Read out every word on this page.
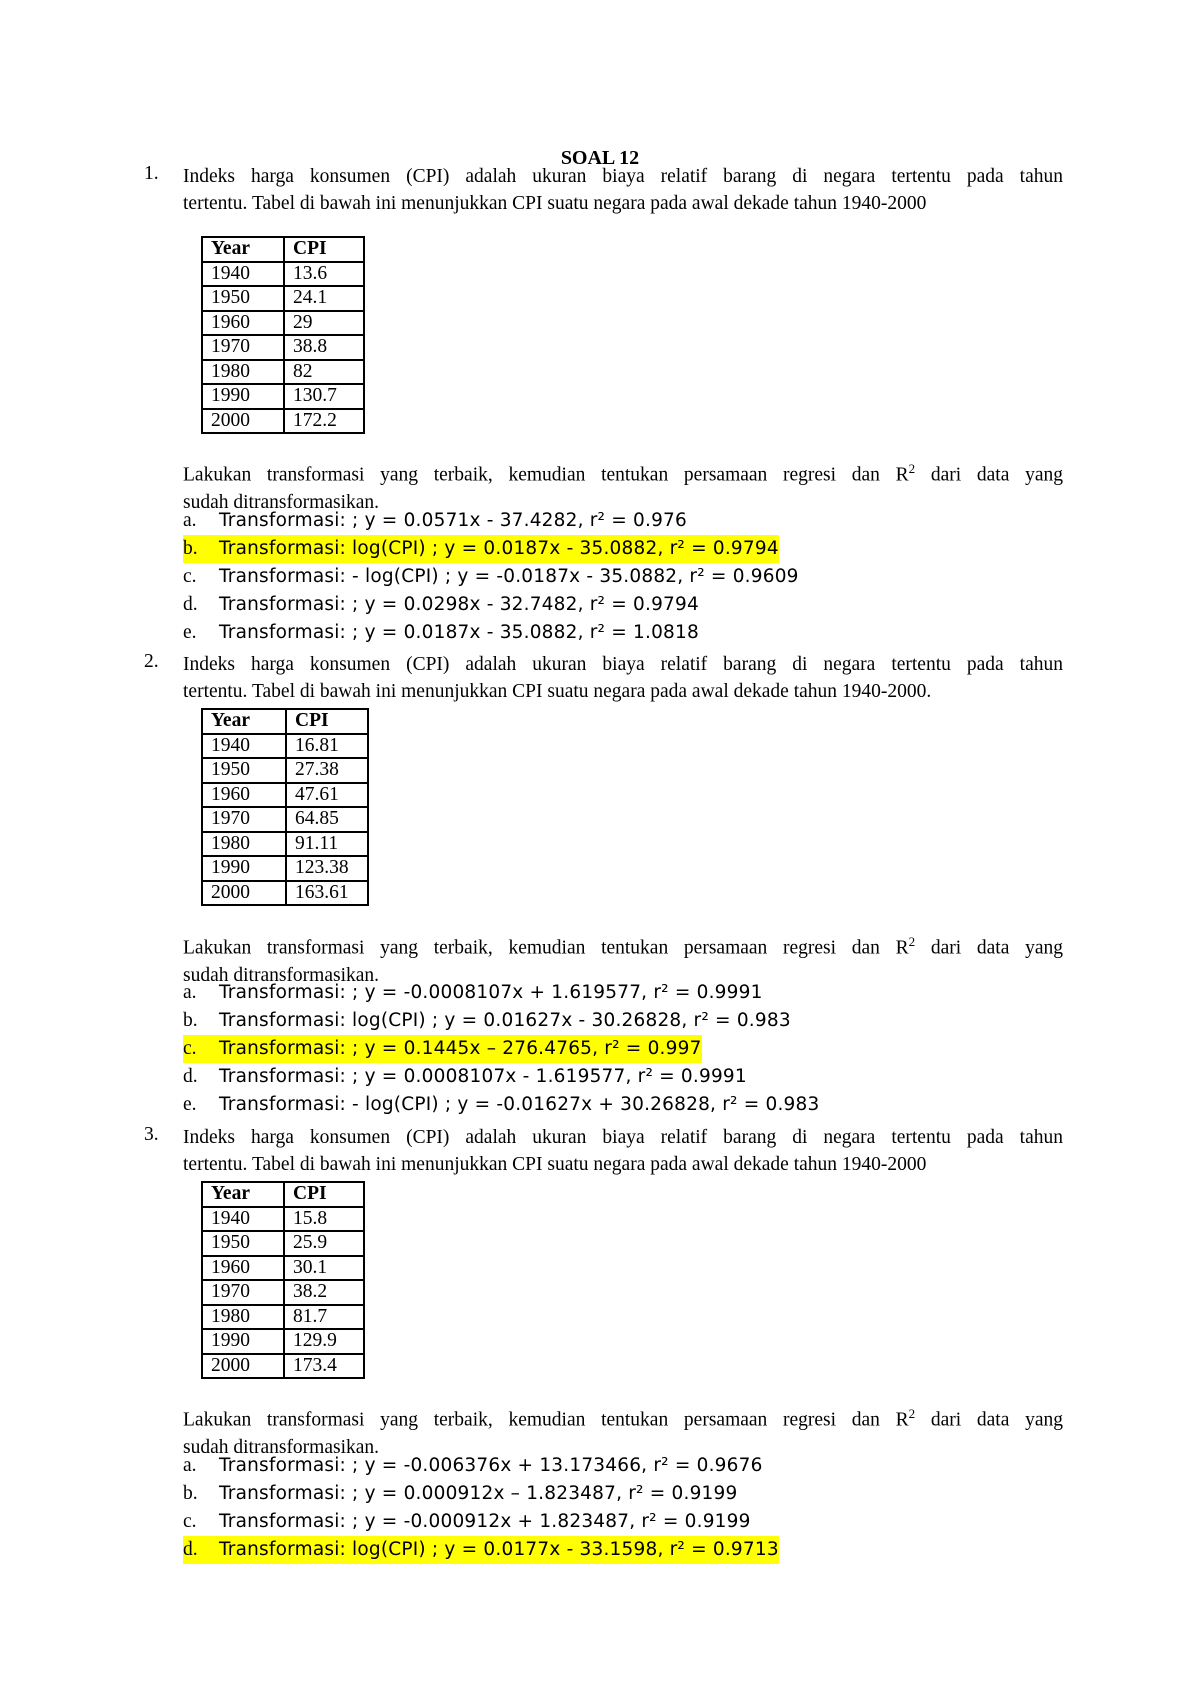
SOAL 12
1. Indeks harga konsumen (CPI) adalah ukuran biaya relatif barang di negara tertentu pada tahun
tertentu. Tabel di bawah ini menunjukkan CPI suatu negara pada awal dekade tahun 1940-2000
Year	CPI
1940	13.6
1950	24.1
1960	29
1970	38.8
1980	82
1990	130.7
2000	172.2
Lakukan transformasi yang terbaik, kemudian tentukan persamaan regresi dan $R^2$ dari data yang
sudah ditransformasikan.
a. Transformasi: ; y = 0.0571x - 37.4282, r² = 0.976
b.	Transformasi: log(CPI) ; y = 0.0187x - 35.0882, r² = 0.9794
c. Transformasi: - log(CPI) ; y = -0.0187x - 35.0882, r² = 0.9609
d. Transformasi: ; y = 0.0298x - 32.7482, r² = 0.9794
e. Transformasi: ; y = 0.0187x - 35.0882, r² = 1.0818
2. Indeks harga konsumen (CPI) adalah ukuran biaya relatif barang di negara tertentu pada tahun
tertentu. Tabel di bawah ini menunjukkan CPI suatu negara pada awal dekade tahun 1940-2000.
Year	CPI
1940	16.81
1950	27.38
1960	47.61
1970	64.85
1980	91.11
1990	123.38
2000	163.61
Lakukan transformasi yang terbaik, kemudian tentukan persamaan regresi dan $R^2$ dari data yang
sudah ditransformasikan.
a. Transformasi: ; y = -0.0008107x + 1.619577, r² = 0.9991
b. Transformasi: log(CPI) ; y = 0.01627x - 30.26828, r² = 0.983
c.	Transformasi: ; y = 0.1445x – 276.4765, r² = 0.997
d. Transformasi: ; y = 0.0008107x - 1.619577, r² = 0.9991
e. Transformasi: - log(CPI) ; y = -0.01627x + 30.26828, r² = 0.983
3. Indeks harga konsumen (CPI) adalah ukuran biaya relatif barang di negara tertentu pada tahun
tertentu. Tabel di bawah ini menunjukkan CPI suatu negara pada awal dekade tahun 1940-2000
Year	CPI
1940	15.8
1950	25.9
1960	30.1
1970	38.2
1980	81.7
1990	129.9
2000	173.4
Lakukan transformasi yang terbaik, kemudian tentukan persamaan regresi dan $R^2$ dari data yang
sudah ditransformasikan.
a. Transformasi: ; y = -0.006376x + 13.173466, r² = 0.9676
b. Transformasi: ; y = 0.000912x – 1.823487, r² = 0.9199
c. Transformasi: ; y = -0.000912x + 1.823487, r² = 0.9199
d.	Transformasi: log(CPI) ; y = 0.0177x - 33.1598, r² = 0.9713
